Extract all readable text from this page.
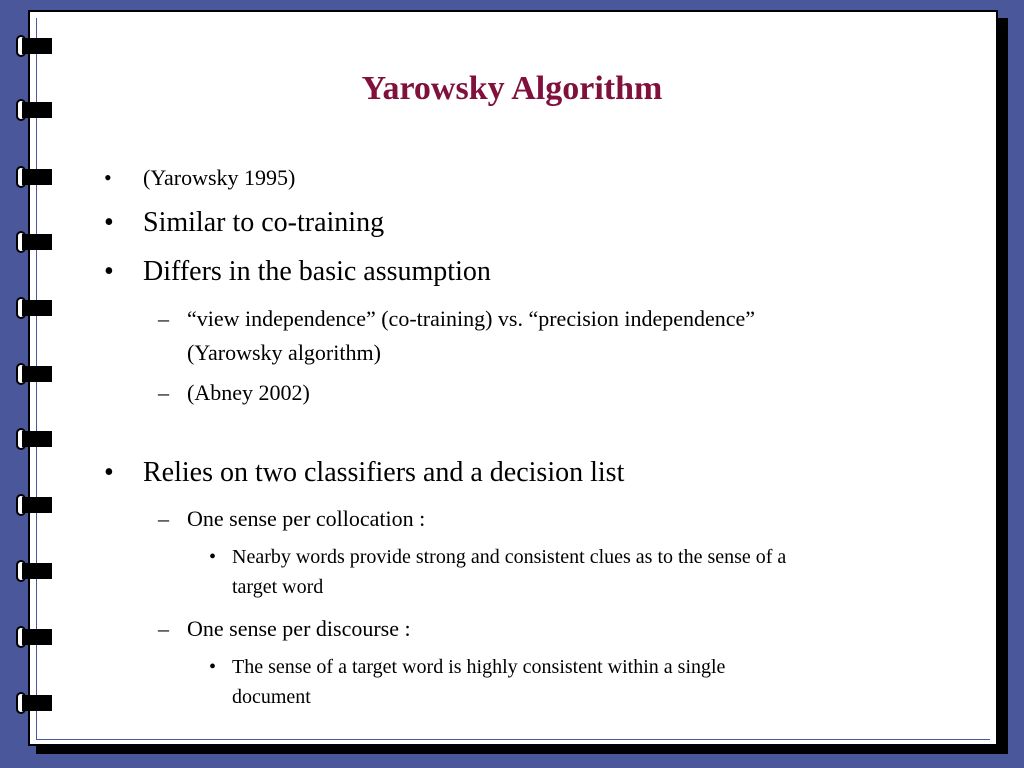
Yarowsky Algorithm
• (Yarowsky 1995)
• Similar to co-training
• Differs in the basic assumption
– “view independence” (co-training) vs. “precision independence”
(Yarowsky algorithm)
– (Abney 2002)
• Relies on two classifiers and a decision list
– One sense per collocation :
• Nearby words provide strong and consistent clues as to the sense of a
target word
– One sense per discourse :
• The sense of a target word is highly consistent within a single
document
